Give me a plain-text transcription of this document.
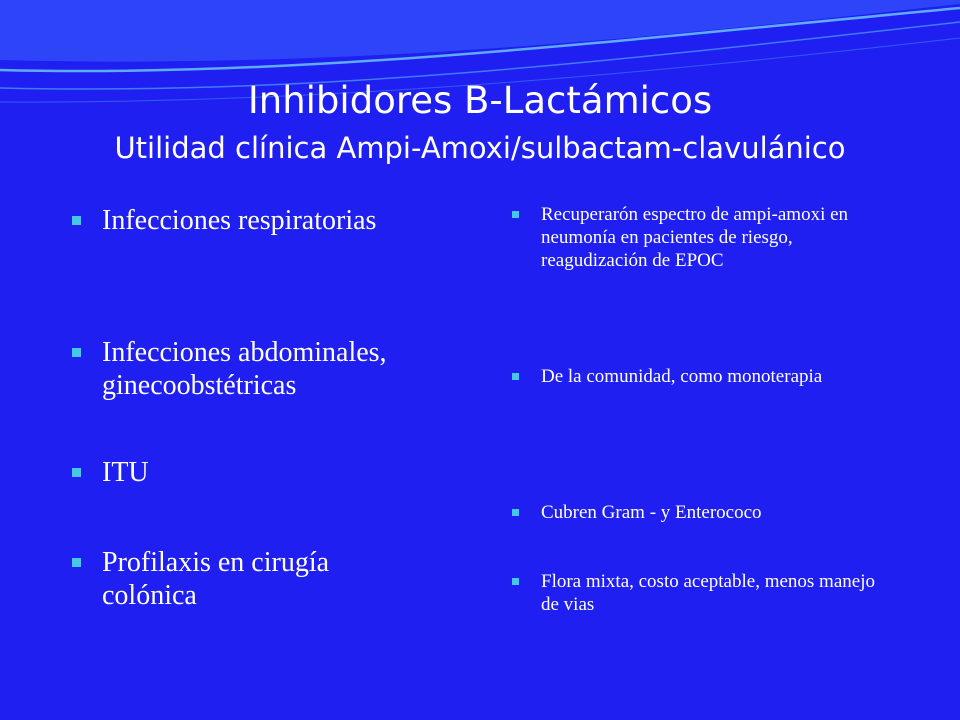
Inhibidores B-Lactámicos
Utilidad clínica Ampi-Amoxi/sulbactam-clavulánico
Infecciones respiratorias
Infecciones abdominales, ginecoobstétricas
ITU
Profilaxis en cirugía colónica
Recuperarón espectro de ampi-amoxi en neumonía en pacientes de riesgo, reagudización de EPOC
De la comunidad, como monoterapia
Cubren Gram - y Enterococo
Flora mixta, costo aceptable, menos manejo de vias
